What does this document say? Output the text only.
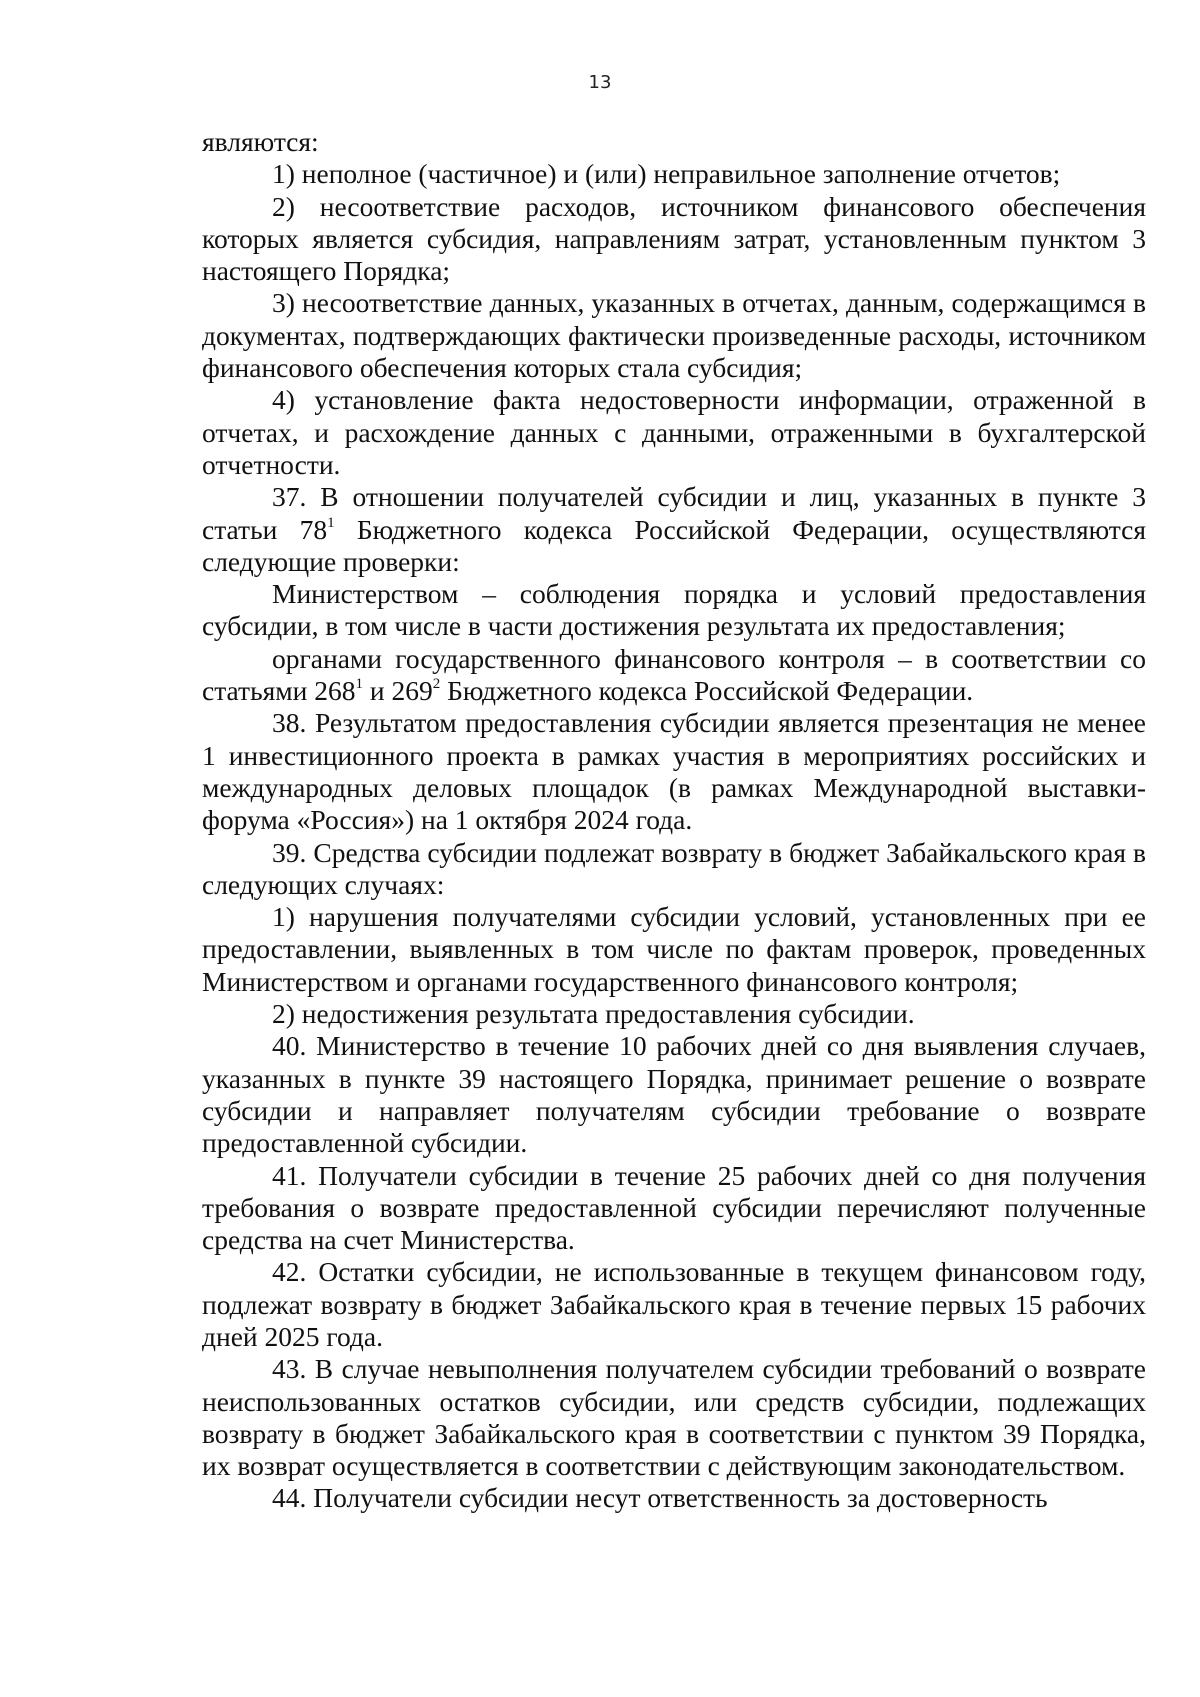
13

являются:

1) неполное (частичное) и (или) неправильное заполнение отчетов;

2) несоответствие расходов, источником финансового обеспечения которых является субсидия, направлениям затрат, установленным пунктом 3 настоящего Порядка;

3) несоответствие данных, указанных в отчетах, данным, содержащимся в документах, подтверждающих фактически произведенные расходы, источником финансового обеспечения которых стала субсидия;

4) установление факта недостоверности информации, отраженной в отчетах, и расхождение данных с данными, отраженными в бухгалтерской отчетности.

37. В отношении получателей субсидии и лиц, указанных в пункте 3 статьи $78^1$ Бюджетного кодекса Российской Федерации, осуществляются следующие проверки:

Министерством – соблюдения порядка и условий предоставления субсидии, в том числе в части достижения результата их предоставления;

органами государственного финансового контроля – в соответствии со статьями $268^1$ и $269^2$ Бюджетного кодекса Российской Федерации.

38. Результатом предоставления субсидии является презентация не менее 1 инвестиционного проекта в рамках участия в мероприятиях российских и международных деловых площадок (в рамках Международной выставки-форума «Россия») на 1 октября 2024 года.

39. Средства субсидии подлежат возврату в бюджет Забайкальского края в следующих случаях:

1) нарушения получателями субсидии условий, установленных при ее предоставлении, выявленных в том числе по фактам проверок, проведенных Министерством и органами государственного финансового контроля;

2) недостижения результата предоставления субсидии.

40. Министерство в течение 10 рабочих дней со дня выявления случаев, указанных в пункте 39 настоящего Порядка, принимает решение о возврате субсидии и направляет получателям субсидии требование о возврате предоставленной субсидии.

41. Получатели субсидии в течение 25 рабочих дней со дня получения требования о возврате предоставленной субсидии перечисляют полученные средства на счет Министерства.

42. Остатки субсидии, не использованные в текущем финансовом году, подлежат возврату в бюджет Забайкальского края в течение первых 15 рабочих дней 2025 года.

43. В случае невыполнения получателем субсидии требований о возврате неиспользованных остатков субсидии, или средств субсидии, подлежащих возврату в бюджет Забайкальского края в соответствии с пунктом 39 Порядка, их возврат осуществляется в соответствии с действующим законодательством.

44. Получатели субсидии несут ответственность за достоверность
